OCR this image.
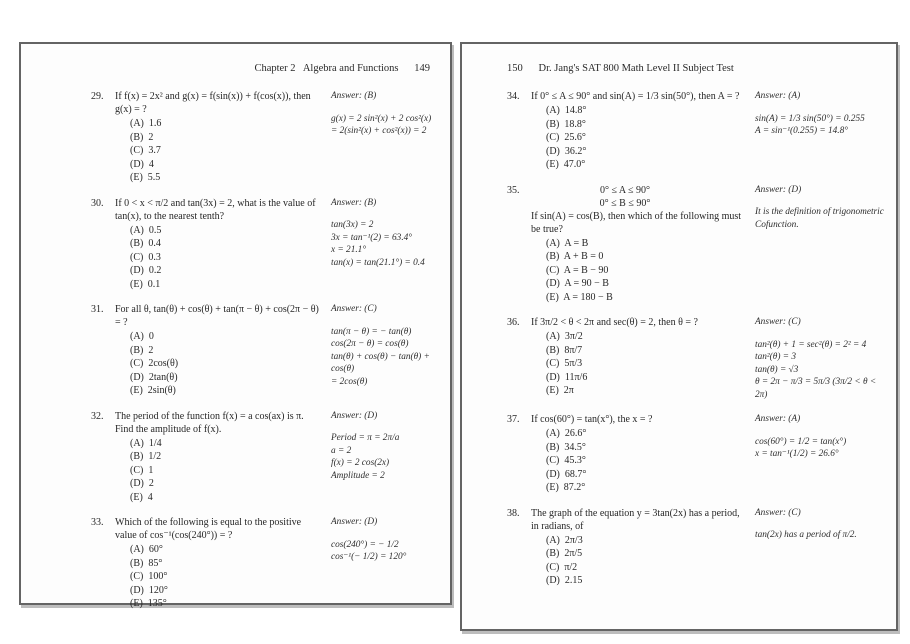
Chapter 2   Algebra and Functions      149
29.	If f(x) = 2x² and g(x) = f(sin(x)) + f(cos(x)), then g(x) = ?
(A)  1.6
(B)  2
(C)  3.7
(D)  4
(E)  5.5
Answer: (B)
g(x) = 2 sin²(x) + 2 cos²(x)
= 2(sin²(x) + cos²(x)) = 2
30.	If 0 < x < π/2 and tan(3x) = 2, what is the value of tan(x), to the nearest tenth?
(A)  0.5
(B)  0.4
(C)  0.3
(D)  0.2
(E)  0.1
Answer: (B)
tan(3x) = 2
3x = tan⁻¹(2) = 63.4°
x = 21.1°
tan(x) = tan(21.1°) = 0.4
31.	For all θ, tan(θ) + cos(θ) + tan(π − θ) + cos(2π − θ) = ?
(A)  0
(B)  2
(C)  2cos(θ)
(D)  2tan(θ)
(E)  2sin(θ)
Answer: (C)
tan(π − θ) = − tan(θ)
cos(2π − θ) = cos(θ)
tan(θ) + cos(θ) − tan(θ) + cos(θ)
= 2cos(θ)
32.	The period of the function f(x) = a cos(ax) is π. Find the amplitude of f(x).
(A)  1/4
(B)  1/2
(C)  1
(D)  2
(E)  4
Answer: (D)
Period = π = 2π/a
a = 2
f(x) = 2 cos(2x)
Amplitude = 2
33.	Which of the following is equal to the positive value of cos⁻¹(cos(240°)) = ?
(A)  60°
(B)  85°
(C)  100°
(D)  120°
(E)  135°
Answer: (D)
cos(240°) = − 1/2
cos⁻¹(− 1/2) = 120°
150      Dr. Jang's SAT 800 Math Level II Subject Test
34.	If 0° ≤ A ≤ 90° and sin(A) = 1/3 sin(50°), then A = ?
(A)  14.8°
(B)  18.8°
(C)  25.6°
(D)  36.2°
(E)  47.0°
Answer: (A)
sin(A) = 1/3 sin(50°) = 0.255
A = sin⁻¹(0.255) = 14.8°
35.	0° ≤ A ≤ 90°
0° ≤ B ≤ 90°
If sin(A) = cos(B), then which of the following must be true?
(A)  A = B
(B)  A + B = 0
(C)  A = B − 90
(D)  A = 90 − B
(E)  A = 180 − B
Answer: (D)
It is the definition of trigonometric Cofunction.
36.	If 3π/2 < θ < 2π and sec(θ) = 2, then θ = ?
(A)  3π/2
(B)  8π/7
(C)  5π/3
(D)  11π/6
(E)  2π
Answer: (C)
tan²(θ) + 1 = sec²(θ) = 2² = 4
tan²(θ) = 3
tan(θ) = √3
θ = 2π − π/3 = 5π/3 (3π/2 < θ < 2π)
37.	If cos(60°) = tan(x°), the x = ?
(A)  26.6°
(B)  34.5°
(C)  45.3°
(D)  68.7°
(E)  87.2°
Answer: (A)
cos(60°) = 1/2 = tan(x°)
x = tan⁻¹(1/2) = 26.6°
38.	The graph of the equation y = 3tan(2x) has a period, in radians, of
(A)  2π/3
(B)  2π/5
(C)  π/2
(D)  2.15
Answer: (C)
tan(2x) has a period of π/2.
